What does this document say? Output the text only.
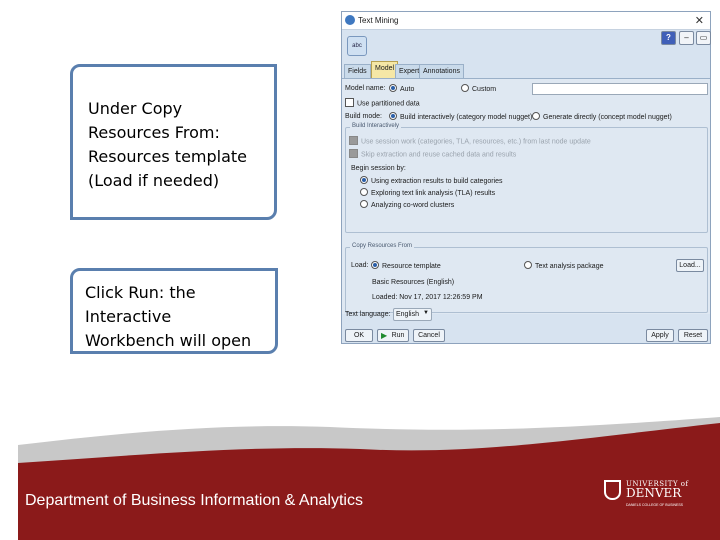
Under Copy
Resources From:
Resources template
(Load if needed)
Click Run: the
Interactive
Workbench will open
Text Mining	✕
abc
?	–	▭
Fields	Model Expert Annotations
Model name:	Auto	Custom
Use partitioned data
Build mode:	Build interactively (category model nugget)	Generate directly (concept model nugget)
Build Interactively
Use session work (categories, TLA, resources, etc.) from last node update
Skip extraction and reuse cached data and results
Begin session by:
Using extraction results to build categories
Exploring text link analysis (TLA) results
Analyzing co-word clusters
Copy Resources From
Load:	Resource template	Text analysis package	Load...
Basic Resources (English)
Loaded: Nov 17, 2017 12:26:59 PM
Text language: English ▼
OK	▶ Run	Cancel	Apply	Reset
Department of Business Information & Analytics
UNIVERSITY of
DENVER
DANIELS COLLEGE OF BUSINESS
